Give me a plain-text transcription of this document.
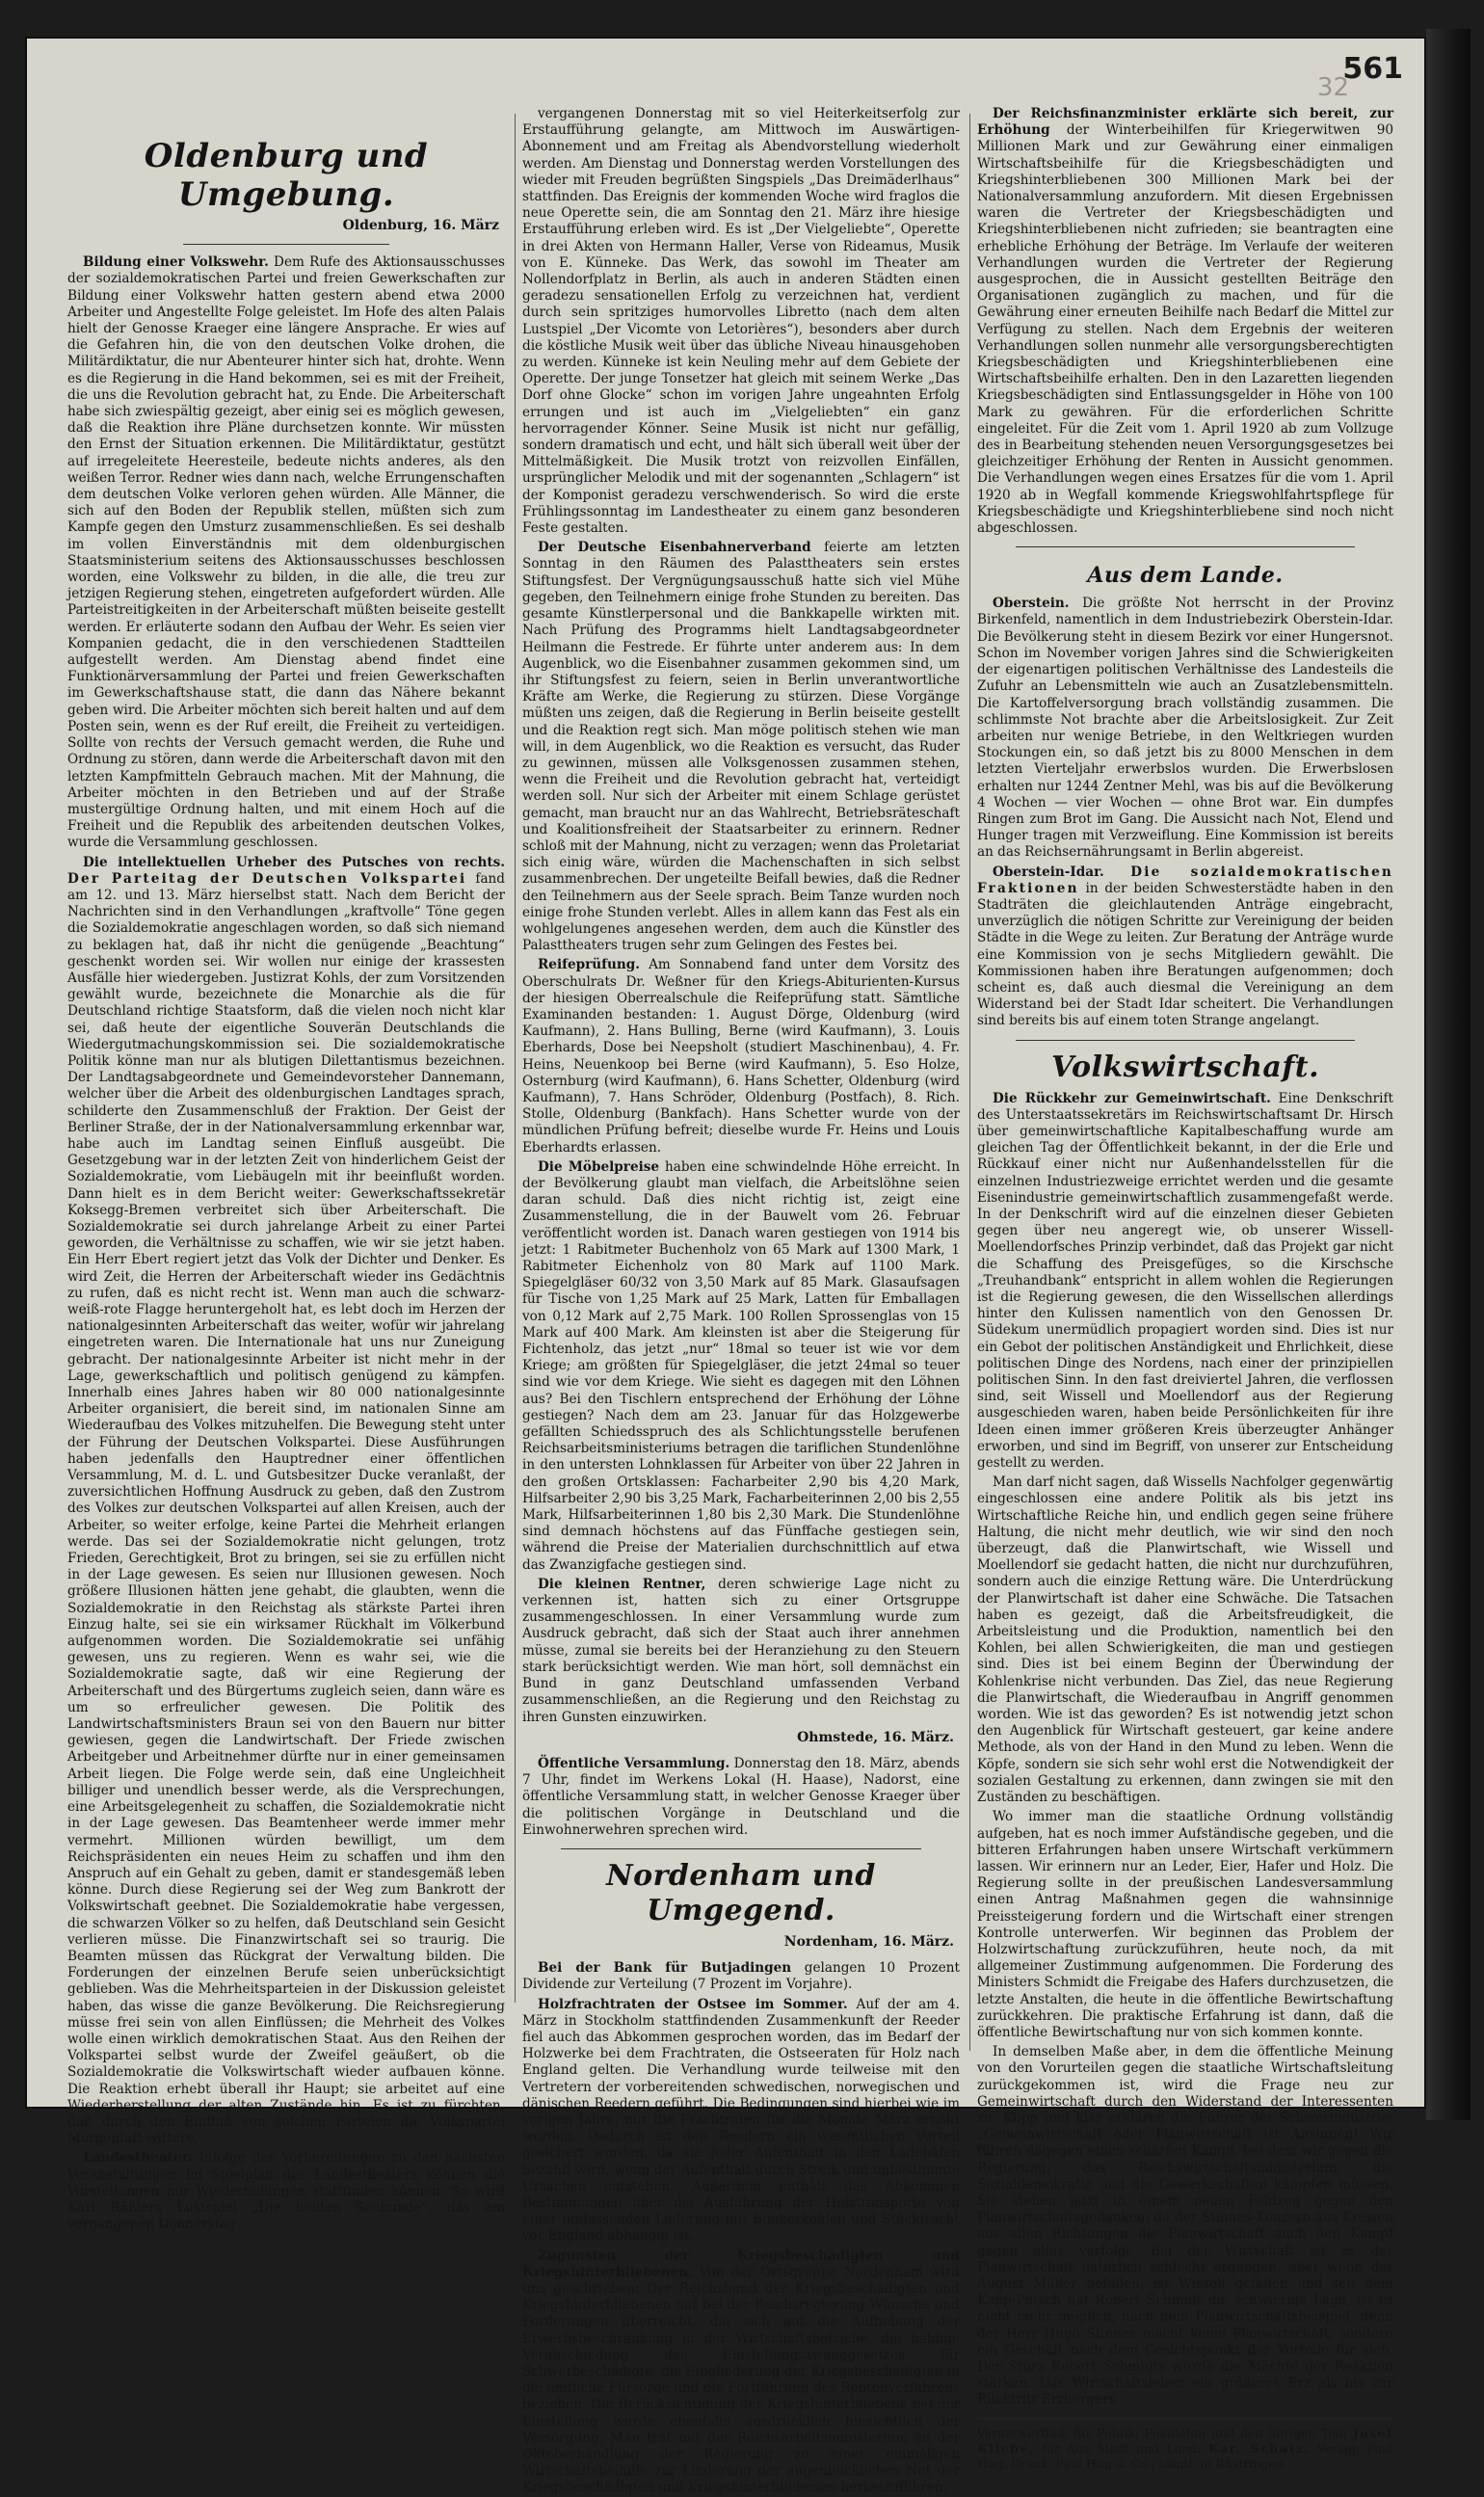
32
561
Oldenburg und Umgebung.
Oldenburg, 16. März

Bildung einer Volkswehr. Dem Rufe des Aktionsausschusses der sozialdemokratischen Partei und freien Gewerkschaften zur Bildung einer Volkswehr hatten gestern abend etwa 2000 Arbeiter und Angestellte Folge geleistet. Im Hofe des alten Palais hielt der Genosse Kraeger eine längere Ansprache. Er wies auf die Gefahren hin, die von den deutschen Volke drohen, die Militärdiktatur, die nur Abenteurer hinter sich hat, drohte. Wenn es die Regierung in die Hand bekommen, sei es mit der Freiheit, die uns die Revolution gebracht hat, zu Ende. Die Arbeiterschaft habe sich zwiespältig gezeigt, aber einig sei es möglich gewesen, daß die Reaktion ihre Pläne durchsetzen konnte. Wir müssten den Ernst der Situation erkennen. Die Militärdiktatur, gestützt auf irregeleitete Heeresteile, bedeute nichts anderes, als den weißen Terror. Redner wies dann nach, welche Errungenschaften dem deutschen Volke verloren gehen würden. Alle Männer, die sich auf den Boden der Republik stellen, müßten sich zum Kampfe gegen den Umsturz zusammenschließen. Es sei deshalb im vollen Einverständnis mit dem oldenburgischen Staatsministerium seitens des Aktionsausschusses beschlossen worden, eine Volkswehr zu bilden, in die alle, die treu zur jetzigen Regierung stehen, eingetreten aufgefordert würden. Alle Parteistreitigkeiten in der Arbeiterschaft müßten beiseite gestellt werden. Er erläuterte sodann den Aufbau der Wehr. Es seien vier Kompanien gedacht, die in den verschiedenen Stadtteilen aufgestellt werden. Am Dienstag abend findet eine Funktionärversammlung der Partei und freien Gewerkschaften im Gewerkschaftshause statt, die dann das Nähere bekannt geben wird. Die Arbeiter möchten sich bereit halten und auf dem Posten sein, wenn es der Ruf ereilt, die Freiheit zu verteidigen. Sollte von rechts der Versuch gemacht werden, die Ruhe und Ordnung zu stören, dann werde die Arbeiterschaft davon mit den letzten Kampfmitteln Gebrauch machen. Mit der Mahnung, die Arbeiter möchten in den Betrieben und auf der Straße mustergültige Ordnung halten, und mit einem Hoch auf die Freiheit und die Republik des arbeitenden deutschen Volkes, wurde die Versammlung geschlossen.

Die intellektuellen Urheber des Putsches von rechts. Der Parteitag der Deutschen Volkspartei fand am 12. und 13. März hierselbst statt. Nach dem Bericht der Nachrichten sind in den Verhandlungen „kraftvolle“ Töne gegen die Sozialdemokratie angeschlagen worden, so daß sich niemand zu beklagen hat, daß ihr nicht die genügende „Beachtung“ geschenkt worden sei. Wir wollen nur einige der krassesten Ausfälle hier wiedergeben. Justizrat Kohls, der zum Vorsitzenden gewählt wurde, bezeichnete die Monarchie als die für Deutschland richtige Staatsform, daß die vielen noch nicht klar sei, daß heute der eigentliche Souverän Deutschlands die Wiedergutmachungskommission sei. Die sozialdemokratische Politik könne man nur als blutigen Dilettantismus bezeichnen. Der Landtagsabgeordnete und Gemeindevorsteher Dannemann, welcher über die Arbeit des oldenburgischen Landtages sprach, schilderte den Zusammenschluß der Fraktion. Der Geist der Berliner Straße, der in der Nationalversammlung erkennbar war, habe auch im Landtag seinen Einfluß ausgeübt. Die Gesetzgebung war in der letzten Zeit von hinderlichem Geist der Sozialdemokratie, vom Liebäugeln mit ihr beeinflußt worden. Dann hielt es in dem Bericht weiter: Gewerkschaftssekretär Koksegg-Bremen verbreitet sich über Arbeiterschaft. Die Sozialdemokratie sei durch jahrelange Arbeit zu einer Partei geworden, die Verhältnisse zu schaffen, wie wir sie jetzt haben. Ein Herr Ebert regiert jetzt das Volk der Dichter und Denker. Es wird Zeit, die Herren der Arbeiterschaft wieder ins Gedächtnis zu rufen, daß es nicht recht ist. Wenn man auch die schwarz-weiß-rote Flagge heruntergeholt hat, es lebt doch im Herzen der nationalgesinnten Arbeiterschaft das weiter, wofür wir jahrelang eingetreten waren. Die Internationale hat uns nur Zuneigung gebracht. Der nationalgesinnte Arbeiter ist nicht mehr in der Lage, gewerkschaftlich und politisch genügend zu kämpfen. Innerhalb eines Jahres haben wir 80 000 nationalgesinnte Arbeiter organisiert, die bereit sind, im nationalen Sinne am Wiederaufbau des Volkes mitzuhelfen. Die Bewegung steht unter der Führung der Deutschen Volkspartei. Diese Ausführungen haben jedenfalls den Hauptredner einer öffentlichen Versammlung, M. d. L. und Gutsbesitzer Ducke veranlaßt, der zuversichtlichen Hoffnung Ausdruck zu geben, daß den Zustrom des Volkes zur deutschen Volkspartei auf allen Kreisen, auch der Arbeiter, so weiter erfolge, keine Partei die Mehrheit erlangen werde. Das sei der Sozialdemokratie nicht gelungen, trotz Frieden, Gerechtigkeit, Brot zu bringen, sei sie zu erfüllen nicht in der Lage gewesen. Es seien nur Illusionen gewesen. Noch größere Illusionen hätten jene gehabt, die glaubten, wenn die Sozialdemokratie in den Reichstag als stärkste Partei ihren Einzug halte, sei sie ein wirksamer Rückhalt im Völkerbund aufgenommen worden. Die Sozialdemokratie sei unfähig gewesen, uns zu regieren. Wenn es wahr sei, wie die Sozialdemokratie sagte, daß wir eine Regierung der Arbeiterschaft und des Bürgertums zugleich seien, dann wäre es um so erfreulicher gewesen. Die Politik des Landwirtschaftsministers Braun sei von den Bauern nur bitter gewiesen, gegen die Landwirtschaft. Der Friede zwischen Arbeitgeber und Arbeitnehmer dürfte nur in einer gemeinsamen Arbeit liegen. Die Folge werde sein, daß eine Ungleichheit billiger und unendlich besser werde, als die Versprechungen, eine Arbeitsgelegenheit zu schaffen, die Sozialdemokratie nicht in der Lage gewesen. Das Beamtenheer werde immer mehr vermehrt. Millionen würden bewilligt, um dem Reichspräsidenten ein neues Heim zu schaffen und ihm den Anspruch auf ein Gehalt zu geben, damit er standesgemäß leben könne. Durch diese Regierung sei der Weg zum Bankrott der Volkswirtschaft geebnet. Die Sozialdemokratie habe vergessen, die schwarzen Völker so zu helfen, daß Deutschland sein Gesicht verlieren müsse. Die Finanzwirtschaft sei so traurig. Die Beamten müssen das Rückgrat der Verwaltung bilden. Die Forderungen der einzelnen Berufe seien unberücksichtigt geblieben. Was die Mehrheitsparteien in der Diskussion geleistet haben, das wisse die ganze Bevölkerung. Die Reichsregierung müsse frei sein von allen Einflüssen; die Mehrheit des Volkes wolle einen wirklich demokratischen Staat. Aus den Reihen der Volkspartei selbst wurde der Zweifel geäußert, ob die Sozialdemokratie die Volkswirtschaft wieder aufbauen könne. Die Reaktion erhebt überall ihr Haupt; sie arbeitet auf eine Wiederherstellung der alten Zustände hin. Es ist zu fürchten, daß durch den Einfluß von solchen Parteien die Volkspartei Morgenluft wittere.

Landestheater. Infolge der Vorbereitungen zu den nächsten Veranstaltungen im Spielplan des Landestheaters können die Vorstellungen nur Wiederholungen stattfinden können. So wird Karl Rößlers Lustspiel „Die beiden Seehunde“, das am vergangenen Donnerstag

vergangenen Donnerstag mit so viel Heiterkeitserfolg zur Erstaufführung gelangte, am Mittwoch im Auswärtigen-Abonnement und am Freitag als Abendvorstellung wiederholt werden. Am Dienstag und Donnerstag werden Vorstellungen des wieder mit Freuden begrüßten Singspiels „Das Dreimäderlhaus“ stattfinden. Das Ereignis der kommenden Woche wird fraglos die neue Operette sein, die am Sonntag den 21. März ihre hiesige Erstaufführung erleben wird. Es ist „Der Vielgeliebte“, Operette in drei Akten von Hermann Haller, Verse von Rideamus, Musik von E. Künneke. Das Werk, das sowohl im Theater am Nollendorfplatz in Berlin, als auch in anderen Städten einen geradezu sensationellen Erfolg zu verzeichnen hat, verdient durch sein spritziges humorvolles Libretto (nach dem alten Lustspiel „Der Vicomte von Letorières“), besonders aber durch die köstliche Musik weit über das übliche Niveau hinausgehoben zu werden. Künneke ist kein Neuling mehr auf dem Gebiete der Operette. Der junge Tonsetzer hat gleich mit seinem Werke „Das Dorf ohne Glocke“ schon im vorigen Jahre ungeahnten Erfolg errungen und ist auch im „Vielgeliebten“ ein ganz hervorragender Könner. Seine Musik ist nicht nur gefällig, sondern dramatisch und echt, und hält sich überall weit über der Mittelmäßigkeit. Die Musik trotzt von reizvollen Einfällen, ursprünglicher Melodik und mit der sogenannten „Schlagern“ ist der Komponist geradezu verschwenderisch. So wird die erste Frühlingssonntag im Landestheater zu einem ganz besonderen Feste gestalten.

Der Deutsche Eisenbahnerverband feierte am letzten Sonntag in den Räumen des Palasttheaters sein erstes Stiftungsfest. Der Vergnügungsausschuß hatte sich viel Mühe gegeben, den Teilnehmern einige frohe Stunden zu bereiten. Das gesamte Künstlerpersonal und die Bankkapelle wirkten mit. Nach Prüfung des Programms hielt Landtagsabgeordneter Heilmann die Festrede. Er führte unter anderem aus: In dem Augenblick, wo die Eisenbahner zusammen gekommen sind, um ihr Stiftungsfest zu feiern, seien in Berlin unverantwortliche Kräfte am Werke, die Regierung zu stürzen. Diese Vorgänge müßten uns zeigen, daß die Regierung in Berlin beiseite gestellt und die Reaktion regt sich. Man möge politisch stehen wie man will, in dem Augenblick, wo die Reaktion es versucht, das Ruder zu gewinnen, müssen alle Volksgenossen zusammen stehen, wenn die Freiheit und die Revolution gebracht hat, verteidigt werden soll. Nur sich der Arbeiter mit einem Schlage gerüstet gemacht, man braucht nur an das Wahlrecht, Betriebsräteschaft und Koalitionsfreiheit der Staatsarbeiter zu erinnern. Redner schloß mit der Mahnung, nicht zu verzagen; wenn das Proletariat sich einig wäre, würden die Machenschaften in sich selbst zusammenbrechen. Der ungeteilte Beifall bewies, daß die Redner den Teilnehmern aus der Seele sprach. Beim Tanze wurden noch einige frohe Stunden verlebt. Alles in allem kann das Fest als ein wohlgelungenes angesehen werden, dem auch die Künstler des Palasttheaters trugen sehr zum Gelingen des Festes bei.

Reifeprüfung. Am Sonnabend fand unter dem Vorsitz des Oberschulrats Dr. Weßner für den Kriegs-Abiturienten-Kursus der hiesigen Oberrealschule die Reifeprüfung statt. Sämtliche Examinanden bestanden: 1. August Dörge, Oldenburg (wird Kaufmann), 2. Hans Bulling, Berne (wird Kaufmann), 3. Louis Eberhards, Dose bei Neepsholt (studiert Maschinenbau), 4. Fr. Heins, Neuenkoop bei Berne (wird Kaufmann), 5. Eso Holze, Osternburg (wird Kaufmann), 6. Hans Schetter, Oldenburg (wird Kaufmann), 7. Hans Schröder, Oldenburg (Postfach), 8. Rich. Stolle, Oldenburg (Bankfach). Hans Schetter wurde von der mündlichen Prüfung befreit; dieselbe wurde Fr. Heins und Louis Eberhardts erlassen.

Die Möbelpreise haben eine schwindelnde Höhe erreicht. In der Bevölkerung glaubt man vielfach, die Arbeitslöhne seien daran schuld. Daß dies nicht richtig ist, zeigt eine Zusammenstellung, die in der Bauwelt vom 26. Februar veröffentlicht worden ist. Danach waren gestiegen von 1914 bis jetzt: 1 Rabitmeter Buchenholz von 65 Mark auf 1300 Mark, 1 Rabitmeter Eichenholz von 80 Mark auf 1100 Mark. Spiegelgläser 60/32 von 3,50 Mark auf 85 Mark. Glasaufsagen für Tische von 1,25 Mark auf 25 Mark, Latten für Emballagen von 0,12 Mark auf 2,75 Mark. 100 Rollen Sprossenglas von 15 Mark auf 400 Mark. Am kleinsten ist aber die Steigerung für Fichtenholz, das jetzt „nur“ 18mal so teuer ist wie vor dem Kriege; am größten für Spiegelgläser, die jetzt 24mal so teuer sind wie vor dem Kriege. Wie sieht es dagegen mit den Löhnen aus? Bei den Tischlern entsprechend der Erhöhung der Löhne gestiegen? Nach dem am 23. Januar für das Holzgewerbe gefällten Schiedsspruch des als Schlichtungsstelle berufenen Reichsarbeitsministeriums betragen die tariflichen Stundenlöhne in den untersten Lohnklassen für Arbeiter von über 22 Jahren in den großen Ortsklassen: Facharbeiter 2,90 bis 4,20 Mark, Hilfsarbeiter 2,90 bis 3,25 Mark, Facharbeiterinnen 2,00 bis 2,55 Mark, Hilfsarbeiterinnen 1,80 bis 2,30 Mark. Die Stundenlöhne sind demnach höchstens auf das Fünffache gestiegen sein, während die Preise der Materialien durchschnittlich auf etwa das Zwanzigfache gestiegen sind.

Die kleinen Rentner, deren schwierige Lage nicht zu verkennen ist, hatten sich zu einer Ortsgruppe zusammengeschlossen. In einer Versammlung wurde zum Ausdruck gebracht, daß sich der Staat auch ihrer annehmen müsse, zumal sie bereits bei der Heranziehung zu den Steuern stark berücksichtigt werden. Wie man hört, soll demnächst ein Bund in ganz Deutschland umfassenden Verband zusammenschließen, an die Regierung und den Reichstag zu ihren Gunsten einzuwirken.

Ohmstede, 16. März.

Öffentliche Versammlung. Donnerstag den 18. März, abends 7 Uhr, findet im Werkens Lokal (H. Haase), Nadorst, eine öffentliche Versammlung statt, in welcher Genosse Kraeger über die politischen Vorgänge in Deutschland und die Einwohnerwehren sprechen wird.

Nordenham und Umgegend.
Nordenham, 16. März.

Bei der Bank für Butjadingen gelangen 10 Prozent Dividende zur Verteilung (7 Prozent im Vorjahre).

Holzfrachtraten der Ostsee im Sommer. Auf der am 4. März in Stockholm stattfindenden Zusammenkunft der Reeder fiel auch das Abkommen gesprochen worden, das im Bedarf der Holzwerke bei dem Frachtraten, die Ostseeraten für Holz nach England gelten. Die Verhandlung wurde teilweise mit den Vertretern der vorbereitenden schwedischen, norwegischen und dänischen Reedern geführt. Die Bedingungen sind hierbei wie im vorigen Jahre, nur die Frachtraten für die Monate März erhöht worden. Dadurch ist den Reedern ein wesentlichen Vorteil gesichert worden, da sie jeder Aufenthalt in den Ladehäfen bezahlt wird, wenn der Aufenthalt durch Streik und unbestimmte Ursachen entstehen. Außerdem enthält das Abkommen Bestimmungen über die Ausführung der Holztransporte von einer umfassenden Lieferung mit Bunkerkohlen und Stückfracht vor England abhängig ist.

Zugunsten der Kriegsbeschädigten und Kriegshinterbliebenen. Von der Ortsgruppe Nordenham wird uns geschrieben: Der Reichsbund der Kriegsbeschädigten und Kriegshinterbliebenen hat bei der Reichsregierung Wünsche und Forderungen überreicht, die sich auf die Aufhebung der Erwerbsbeschränkung in der Wirtschaftsbetriebe, die baldige Verabschiedung des Einstellungszwanggesetzes für Schwerbeschädigte, die Eingliederung der Kriegsbeschädigten in die amtliche Fürsorge und die Fortführung des Rentenverfahrens beziehen. Die Berücksichtigung der Kriegshinterbliebene bei der Einstellung wurde ebenfalls ausdrücklich hinsichtlich der Versorgung. Man trat mit der Reichsarbeitsministerium zu der Oktoberhandlung der Regierung zu einer einmaligen Wirtschaftsbeihilfe zur Linderung der augenblicklichen Not der Kriegsbeschädigten und Kriegshinterbliebenen herbeizuführen.

Der Reichsfinanzminister erklärte sich bereit, zur Erhöhung der Winterbeihilfen für Kriegerwitwen 90 Millionen Mark und zur Gewährung einer einmaligen Wirtschaftsbeihilfe für die Kriegsbeschädigten und Kriegshinterbliebenen 300 Millionen Mark bei der Nationalversammlung anzufordern. Mit diesen Ergebnissen waren die Vertreter der Kriegsbeschädigten und Kriegshinterbliebenen nicht zufrieden; sie beantragten eine erhebliche Erhöhung der Beträge. Im Verlaufe der weiteren Verhandlungen wurden die Vertreter der Regierung ausgesprochen, die in Aussicht gestellten Beiträge den Organisationen zugänglich zu machen, und für die Gewährung einer erneuten Beihilfe nach Bedarf die Mittel zur Verfügung zu stellen. Nach dem Ergebnis der weiteren Verhandlungen sollen nunmehr alle versorgungsberechtigten Kriegsbeschädigten und Kriegshinterbliebenen eine Wirtschaftsbeihilfe erhalten. Den in den Lazaretten liegenden Kriegsbeschädigten sind Entlassungsgelder in Höhe von 100 Mark zu gewähren. Für die erforderlichen Schritte eingeleitet. Für die Zeit vom 1. April 1920 ab zum Vollzuge des in Bearbeitung stehenden neuen Versorgungsgesetzes bei gleichzeitiger Erhöhung der Renten in Aussicht genommen. Die Verhandlungen wegen eines Ersatzes für die vom 1. April 1920 ab in Wegfall kommende Kriegswohlfahrtspflege für Kriegsbeschädigte und Kriegshinterbliebene sind noch nicht abgeschlossen.

Aus dem Lande.

Oberstein. Die größte Not herrscht in der Provinz Birkenfeld, namentlich in dem Industriebezirk Oberstein-Idar. Die Bevölkerung steht in diesem Bezirk vor einer Hungersnot. Schon im November vorigen Jahres sind die Schwierigkeiten der eigenartigen politischen Verhältnisse des Landesteils die Zufuhr an Lebensmitteln wie auch an Zusatzlebensmitteln. Die Kartoffelversorgung brach vollständig zusammen. Die schlimmste Not brachte aber die Arbeitslosigkeit. Zur Zeit arbeiten nur wenige Betriebe, in den Weltkriegen wurden Stockungen ein, so daß jetzt bis zu 8000 Menschen in dem letzten Vierteljahr erwerbslos wurden. Die Erwerbslosen erhalten nur 1244 Zentner Mehl, was bis auf die Bevölkerung 4 Wochen — vier Wochen — ohne Brot war. Ein dumpfes Ringen zum Brot im Gang. Die Aussicht nach Not, Elend und Hunger tragen mit Verzweiflung. Eine Kommission ist bereits an das Reichsernährungsamt in Berlin abgereist.

Oberstein-Idar. Die sozialdemokratischen Fraktionen in der beiden Schwesterstädte haben in den Stadträten die gleichlautenden Anträge eingebracht, unverzüglich die nötigen Schritte zur Vereinigung der beiden Städte in die Wege zu leiten. Zur Beratung der Anträge wurde eine Kommission von je sechs Mitgliedern gewählt. Die Kommissionen haben ihre Beratungen aufgenommen; doch scheint es, daß auch diesmal die Vereinigung an dem Widerstand bei der Stadt Idar scheitert. Die Verhandlungen sind bereits bis auf einem toten Strange angelangt.

Volkswirtschaft.

Die Rückkehr zur Gemeinwirtschaft. Eine Denkschrift des Unterstaatssekretärs im Reichswirtschaftsamt Dr. Hirsch über gemeinwirtschaftliche Kapitalbeschaffung wurde am gleichen Tag der Öffentlichkeit bekannt, in der die Erle und Rückkauf einer nicht nur Außenhandelsstellen für die einzelnen Industriezweige errichtet werden und die gesamte Eisenindustrie gemeinwirtschaftlich zusammengefaßt werde. In der Denkschrift wird auf die einzelnen dieser Gebieten gegen über neu angeregt wie, ob unserer Wissell-Moellendorfsches Prinzip verbindet, daß das Projekt gar nicht die Schaffung des Preisgefüges, so die Kirschsche „Treuhandbank“ entspricht in allem wohlen die Regierungen ist die Regierung gewesen, die den Wissellschen allerdings hinter den Kulissen namentlich von den Genossen Dr. Südekum unermüdlich propagiert worden sind. Dies ist nur ein Gebot der politischen Anständigkeit und Ehrlichkeit, diese politischen Dinge des Nordens, nach einer der prinzipiellen politischen Sinn. In den fast dreiviertel Jahren, die verflossen sind, seit Wissell und Moellendorf aus der Regierung ausgeschieden waren, haben beide Persönlichkeiten für ihre Ideen einen immer größeren Kreis überzeugter Anhänger erworben, und sind im Begriff, von unserer zur Entscheidung gestellt zu werden.

Man darf nicht sagen, daß Wissells Nachfolger gegenwärtig eingeschlossen eine andere Politik als bis jetzt ins Wirtschaftliche Reiche hin, und endlich gegen seine frühere Haltung, die nicht mehr deutlich, wie wir sind den noch überzeugt, daß die Planwirtschaft, wie Wissell und Moellendorf sie gedacht hatten, die nicht nur durchzuführen, sondern auch die einzige Rettung wäre. Die Unterdrückung der Planwirtschaft ist daher eine Schwäche. Die Tatsachen haben es gezeigt, daß die Arbeitsfreudigkeit, die Arbeitsleistung und die Produktion, namentlich bei den Kohlen, bei allen Schwierigkeiten, die man und gestiegen sind. Dies ist bei einem Beginn der Überwindung der Kohlenkrise nicht verbunden. Das Ziel, das neue Regierung die Planwirtschaft, die Wiederaufbau in Angriff genommen worden. Wie ist das geworden? Es ist notwendig jetzt schon den Augenblick für Wirtschaft gesteuert, gar keine andere Methode, als von der Hand in den Mund zu leben. Wenn die Köpfe, sondern sie sich sehr wohl erst die Notwendigkeit der sozialen Gestaltung zu erkennen, dann zwingen sie mit den Zuständen zu beschäftigen.

Wo immer man die staatliche Ordnung vollständig aufgeben, hat es noch immer Aufständische gegeben, und die bitteren Erfahrungen haben unsere Wirtschaft verkümmern lassen. Wir erinnern nur an Leder, Eier, Hafer und Holz. Die Regierung sollte in der preußischen Landesversammlung einen Antrag Maßnahmen gegen die wahnsinnige Preissteigerung fordern und die Wirtschaft einer strengen Kontrolle unterwerfen. Wir beginnen das Problem der Holzwirtschaftung zurückzuführen, heute noch, da mit allgemeiner Zustimmung aufgenommen. Die Forderung des Ministers Schmidt die Freigabe des Hafers durchzusetzen, die letzte Anstalten, die heute in die öffentliche Bewirtschaftung zurückkehren. Die praktische Erfahrung ist dann, daß die öffentliche Bewirtschaftung nur von sich kommen konnte.

In demselben Maße aber, in dem die öffentliche Meinung von den Vorurteilen gegen die staatliche Wirtschaftsleitung zurückgekommen ist, wird die Frage neu zur Gemeinwirtschaft durch den Widerstand der Interessenten zu. Klipp und klar erklären die Führer der Schwerindustrie: „Gemeinwirtschaft oder Planwirtschaft ist Ansinnen! Wir führen dagegen einen scharfen Kampf, bei dem wir gegen die Regierung, das Reichswirtschaftsministerium, die Sozialdemokratie und die Gewerkschaften kämpfen müssen. Sie stehen jetzt in einem neuen Feldzug gegen den Planwirtschaftsgedanken, da der Stinnes-Konzern aus Kreisen aus allen Richtungen die Planwirtschaft auch den Kampf gegen alles verfolgt. Bei der Wirtschaft ist es der Planwirtschaft natürlich schlecht ergangen, aber wenn der August Müller gefallen, ist Wissell gefallen und seit dem Kapp-Putsch hat Robert Schmidt die schwierige Lage, ist es nicht mehr möglich, nach dem Planwirtschaftsbeispiel, denn der Herr Hugo Stinnes macht keine Planwirtschaft, sondern ein Geschäft nach dem Gesichtspunkt der Vorteile für sich. Der Sturz Robert Schmidts würde die Mächte der Reaktion stärken. Das Wirtschaftsleben ein größeres Erz als bis zur Rücktritt Erzbergers.

Verantwortlich für Politik, Feuilleton und den übrigen Teil: Josef Kliche, für Aus Stadt und Land: Kar. Schatz. Verlag: Paul Hug. Druck: Paul Hug u. Co., sämtl. in Rüstringen.
